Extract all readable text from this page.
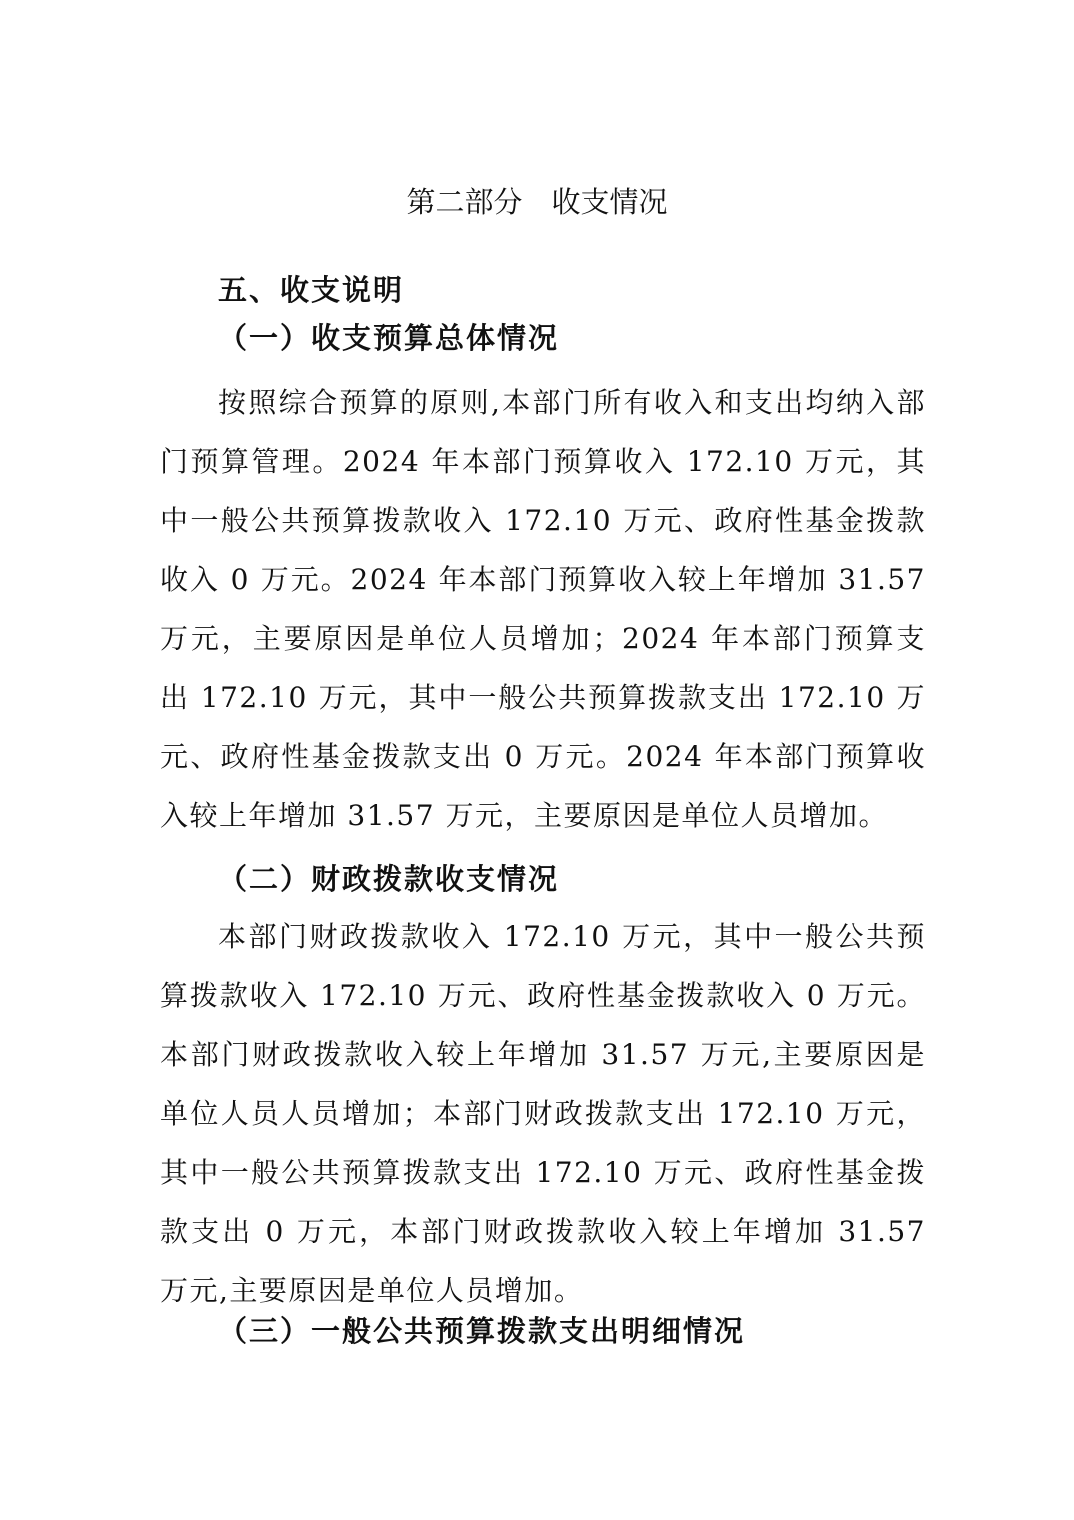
第二部分　收支情况
五、收支说明
（一）收支预算总体情况

按照综合预算的原则,本部门所有收入和支出均纳入部门预算管理。2024 年本部门预算收入 172.10 万元，其中一般公共预算拨款收入 172.10 万元、政府性基金拨款收入 0 万元。2024 年本部门预算收入较上年增加 31.57 万元，主要原因是单位人员增加；2024 年本部门预算支出 172.10 万元，其中一般公共预算拨款支出 172.10 万元、政府性基金拨款支出 0 万元。2024 年本部门预算收入较上年增加 31.57 万元，主要原因是单位人员增加。

（二）财政拨款收支情况

本部门财政拨款收入 172.10 万元，其中一般公共预算拨款收入 172.10 万元、政府性基金拨款收入 0 万元。本部门财政拨款收入较上年增加 31.57 万元,主要原因是单位人员人员增加；本部门财政拨款支出 172.10 万元，其中一般公共预算拨款支出 172.10 万元、政府性基金拨款支出 0 万元，本部门财政拨款收入较上年增加 31.57 万元,主要原因是单位人员增加。

（三）一般公共预算拨款支出明细情况
